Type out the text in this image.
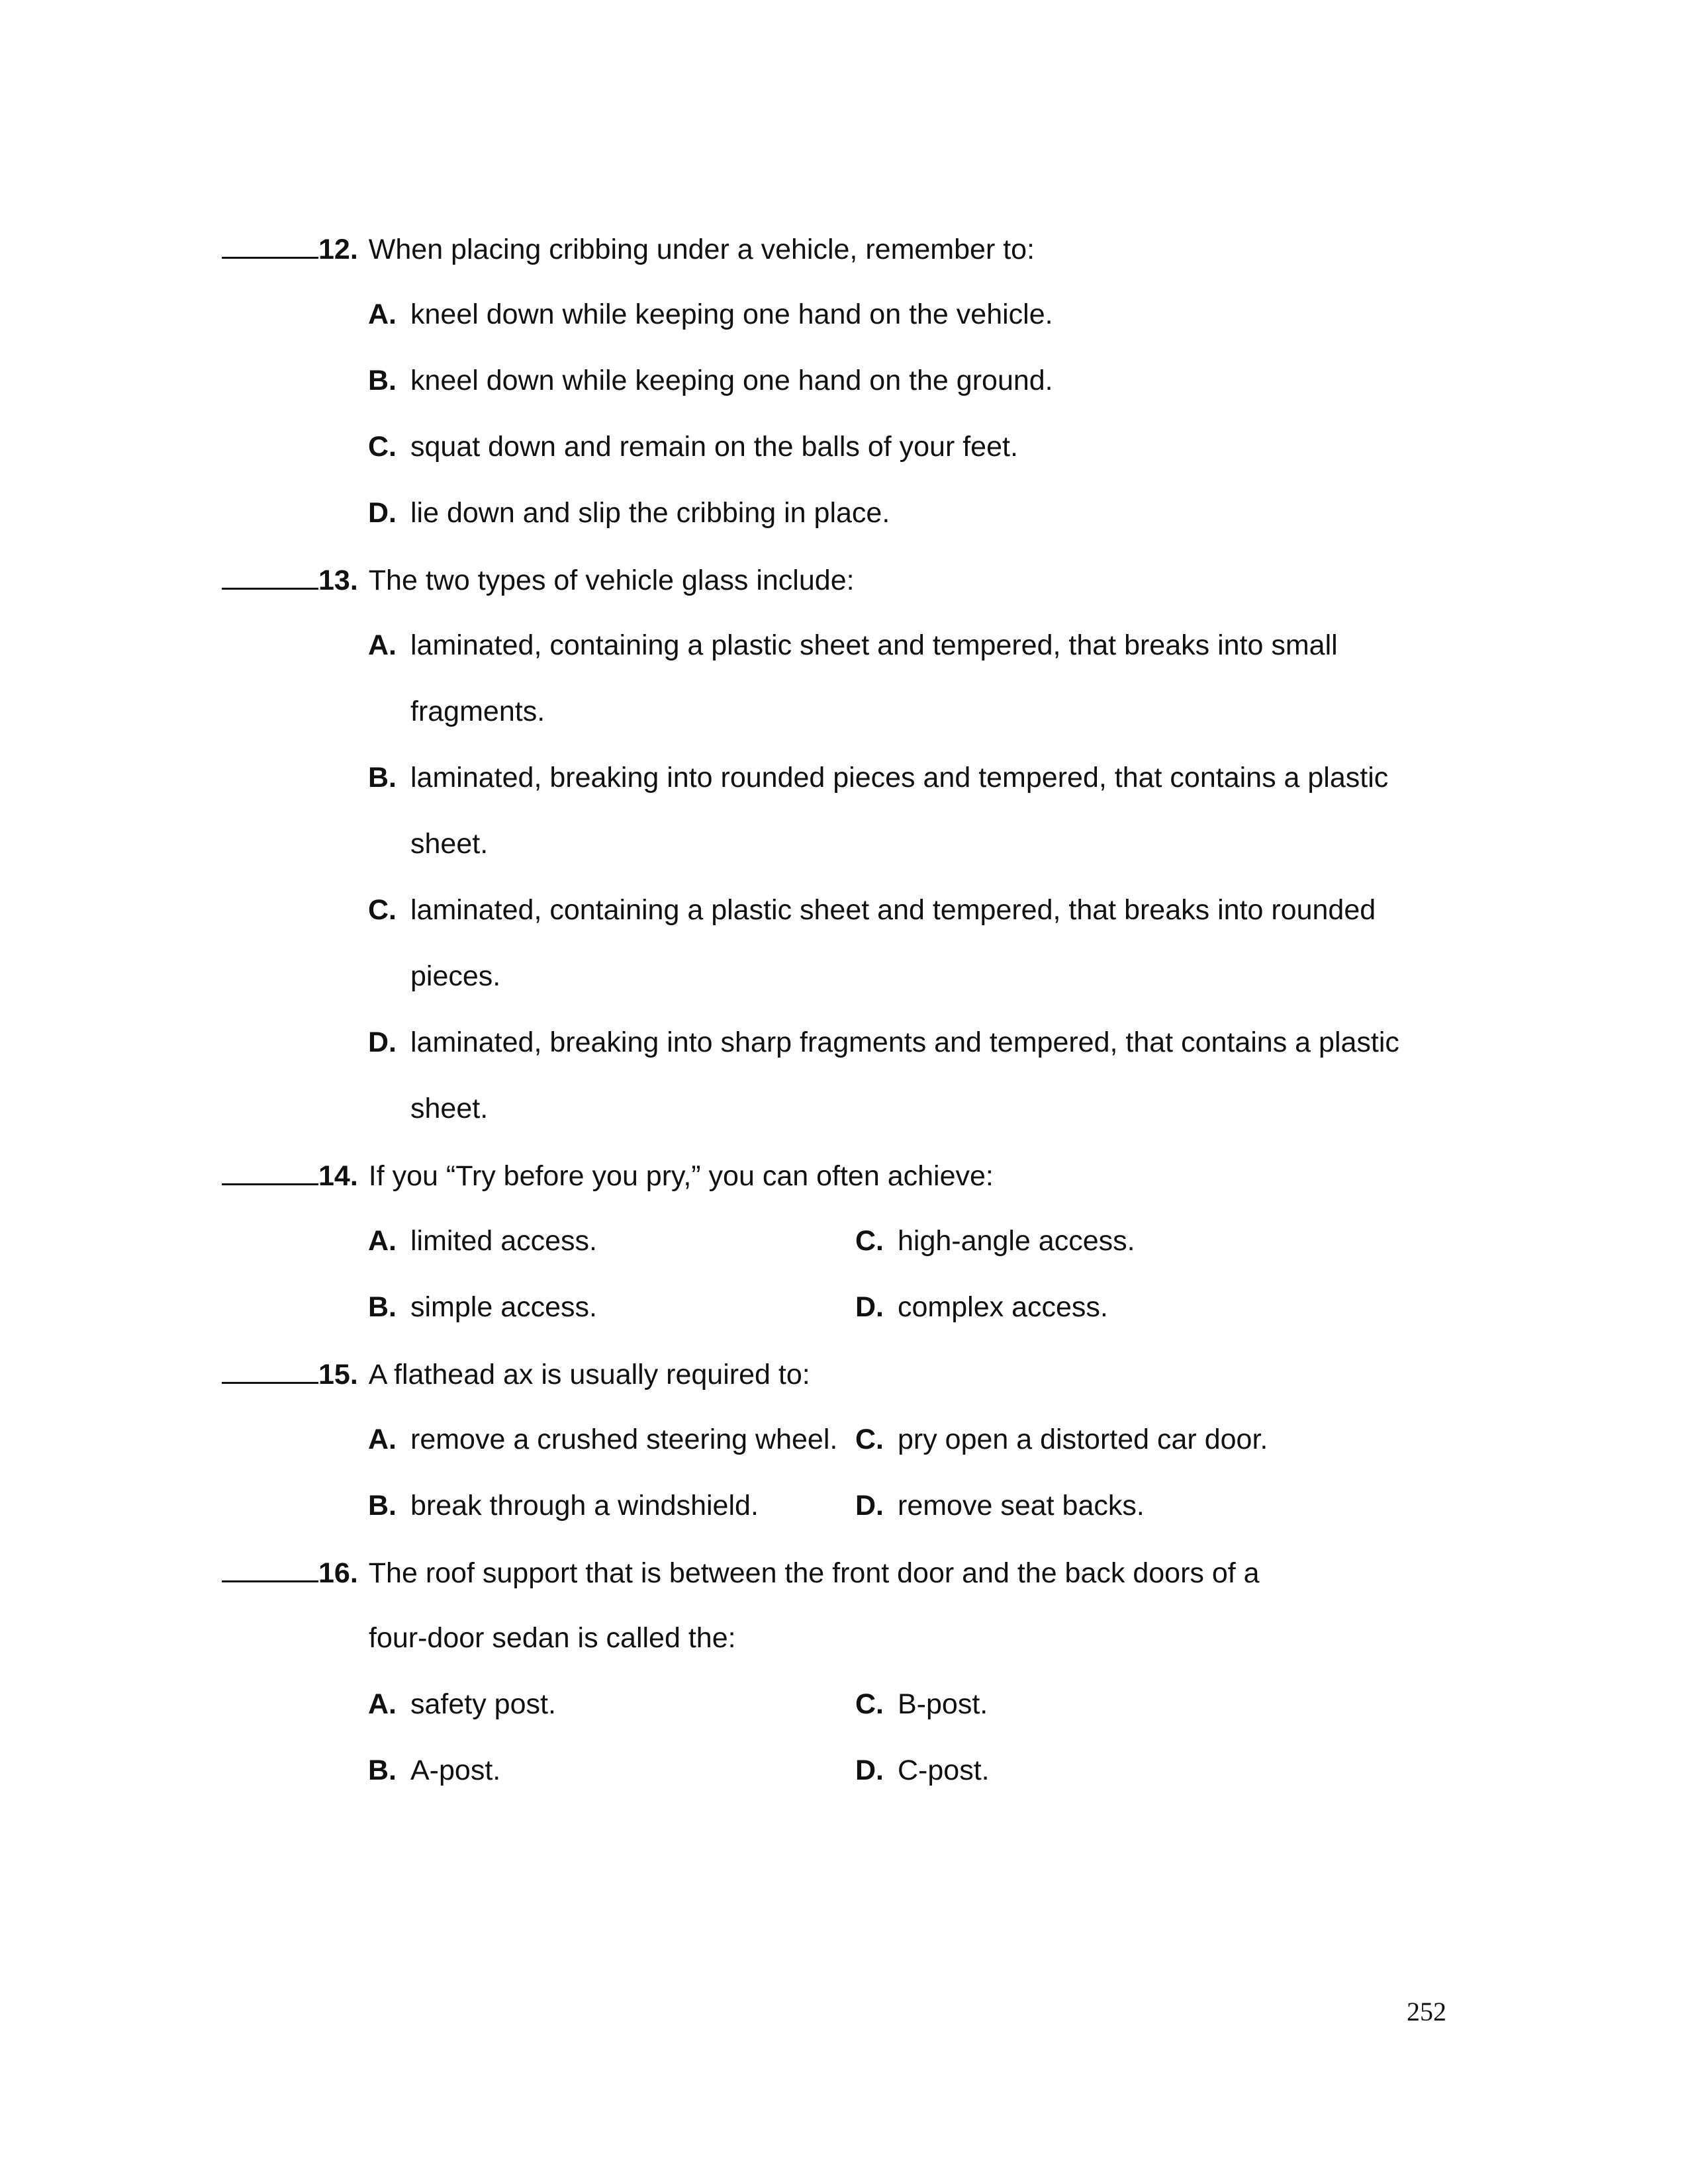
12. When placing cribbing under a vehicle, remember to:
A. kneel down while keeping one hand on the vehicle.
B. kneel down while keeping one hand on the ground.
C. squat down and remain on the balls of your feet.
D. lie down and slip the cribbing in place.
13. The two types of vehicle glass include:
A. laminated, containing a plastic sheet and tempered, that breaks into small
fragments.
B. laminated, breaking into rounded pieces and tempered, that contains a plastic
sheet.
C. laminated, containing a plastic sheet and tempered, that breaks into rounded
pieces.
D. laminated, breaking into sharp fragments and tempered, that contains a plastic
sheet.
14. If you “Try before you pry,” you can often achieve:
A. limited access.	C. high-angle access.
B. simple access.	D. complex access.
15. A flathead ax is usually required to:
A. remove a crushed steering wheel. C. pry open a distorted car door.
B. break through a windshield.	D. remove seat backs.
16. The roof support that is between the front door and the back doors of a
four-door sedan is called the:
A. safety post.	C. B-post.
B. A-post.	D. C-post.
252
